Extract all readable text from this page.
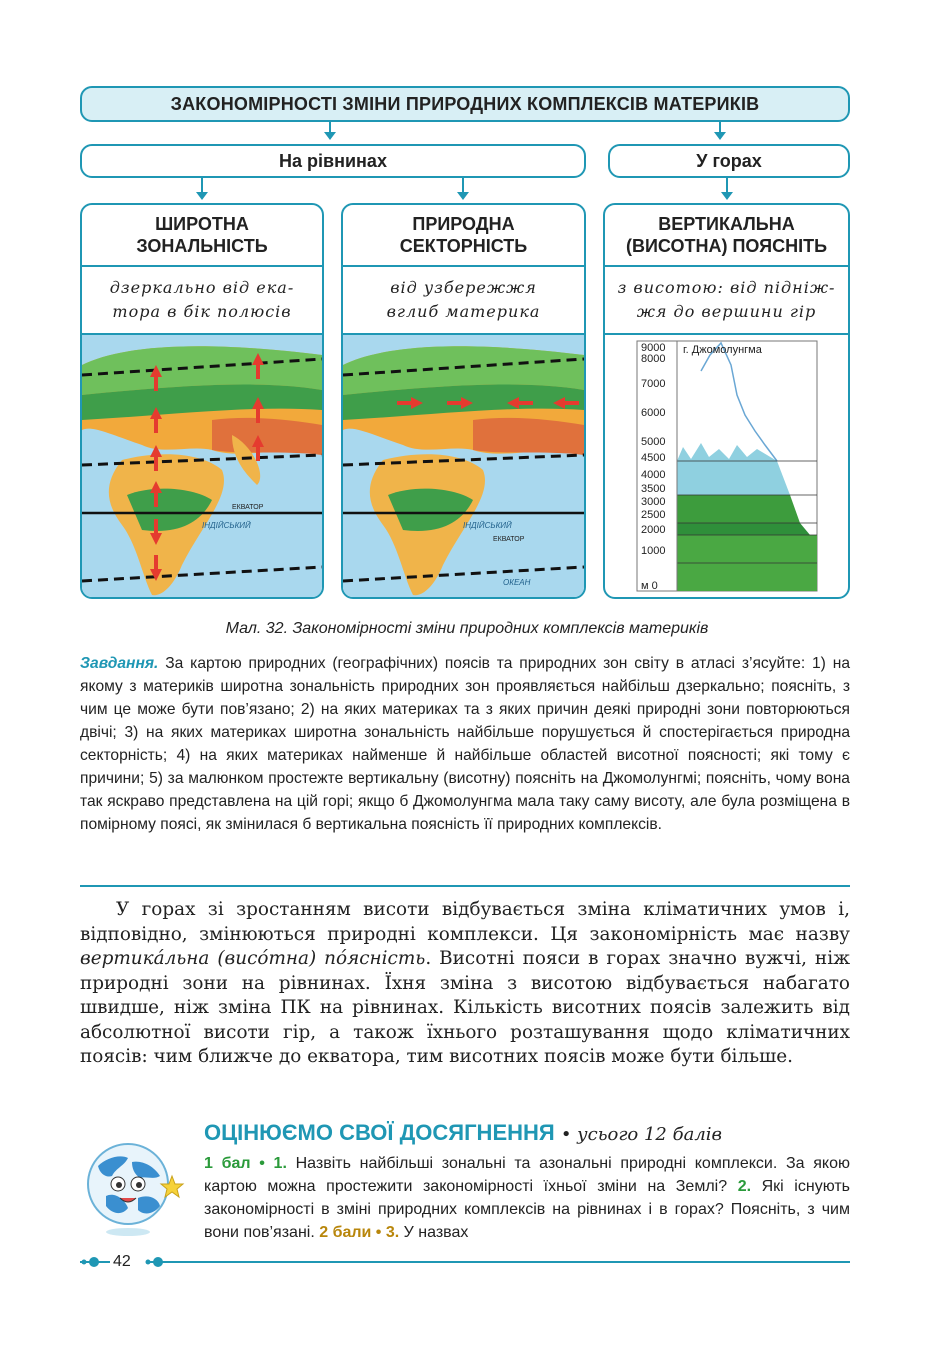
ЗАКОНОМІРНОСТІ ЗМІНИ ПРИРОДНИХ КОМПЛЕКСІВ МАТЕРИКІВ
На рівнинах	У горах
ШИРОТНА
ЗОНАЛЬНІСТЬ
дзеркально від ека-
тора в бік полюсів
ІНДІЙСЬКИЙ
ЕКВАТОР
ПРИРОДНА
СЕКТОРНІСТЬ
від узбережжя
вглиб материка
ІНДІЙСЬКИЙ
ЕКВАТОР
ОКЕАН
ВЕРТИКАЛЬНА
(ВИСОТНА) ПОЯСНІТЬ
з висотою: від підніж-
жя до вершини гір
г. Джомолунгма
9000
8000
7000
6000
5000
4500
4000
3500
3000
2500
2000
1000
м 0
Мал. 32. Закономірності зміни природних комплексів материків
Завдання. За картою природних (географічних) поясів та природних зон світу в атласі з’ясуйте: 1) на якому з материків широтна зональність природних зон проявляється найбільш дзеркально; поясніть, з чим це може бути пов’язано; 2) на яких материках та з яких причин деякі природні зони повторюються двічі; 3) на яких материках широтна зональність найбільше порушується й спостерігається природна секторність; 4) на яких материках найменше й найбільше областей висотної поясності; які тому є причини; 5) за малюнком простежте вертикальну (висотну) поясніть на Джомолунгмі; поясніть, чому вона так яскраво представлена на цій горі; якщо б Джомолунгма мала таку саму висоту, але була розміщена в помірному поясі, як змінилася б вертикальна поясність її природних комплексів.
У горах зі зростанням висоти відбувається зміна кліматичних умов і, відповідно, змінюються природні комплекси. Ця закономірність має назву вертика́льна (висо́тна) по́ясність. Висотні пояси в горах значно вужчі, ніж природні зони на рівнинах. Їхня зміна з висотою відбувається набагато швидше, ніж зміна ПК на рівнинах. Кількість висотних поясів залежить від абсолютної висоти гір, а також їхнього розташування щодо кліматичних поясів: чим ближче до екватора, тим висотних поясів може бути більше.
ОЦІНЮЄМО СВОЇ ДОСЯГНЕННЯ • усього 12 балів
1 бал • 1. Назвіть найбільші зональні та азональні природні комплекси. За якою картою можна простежити закономірності їхньої зміни на Землі? 2. Які існують закономірності в зміні природних комплексів на рівнинах і в горах? Поясніть, з чим вони пов’язані. 2 бали • 3. У назвах
42
